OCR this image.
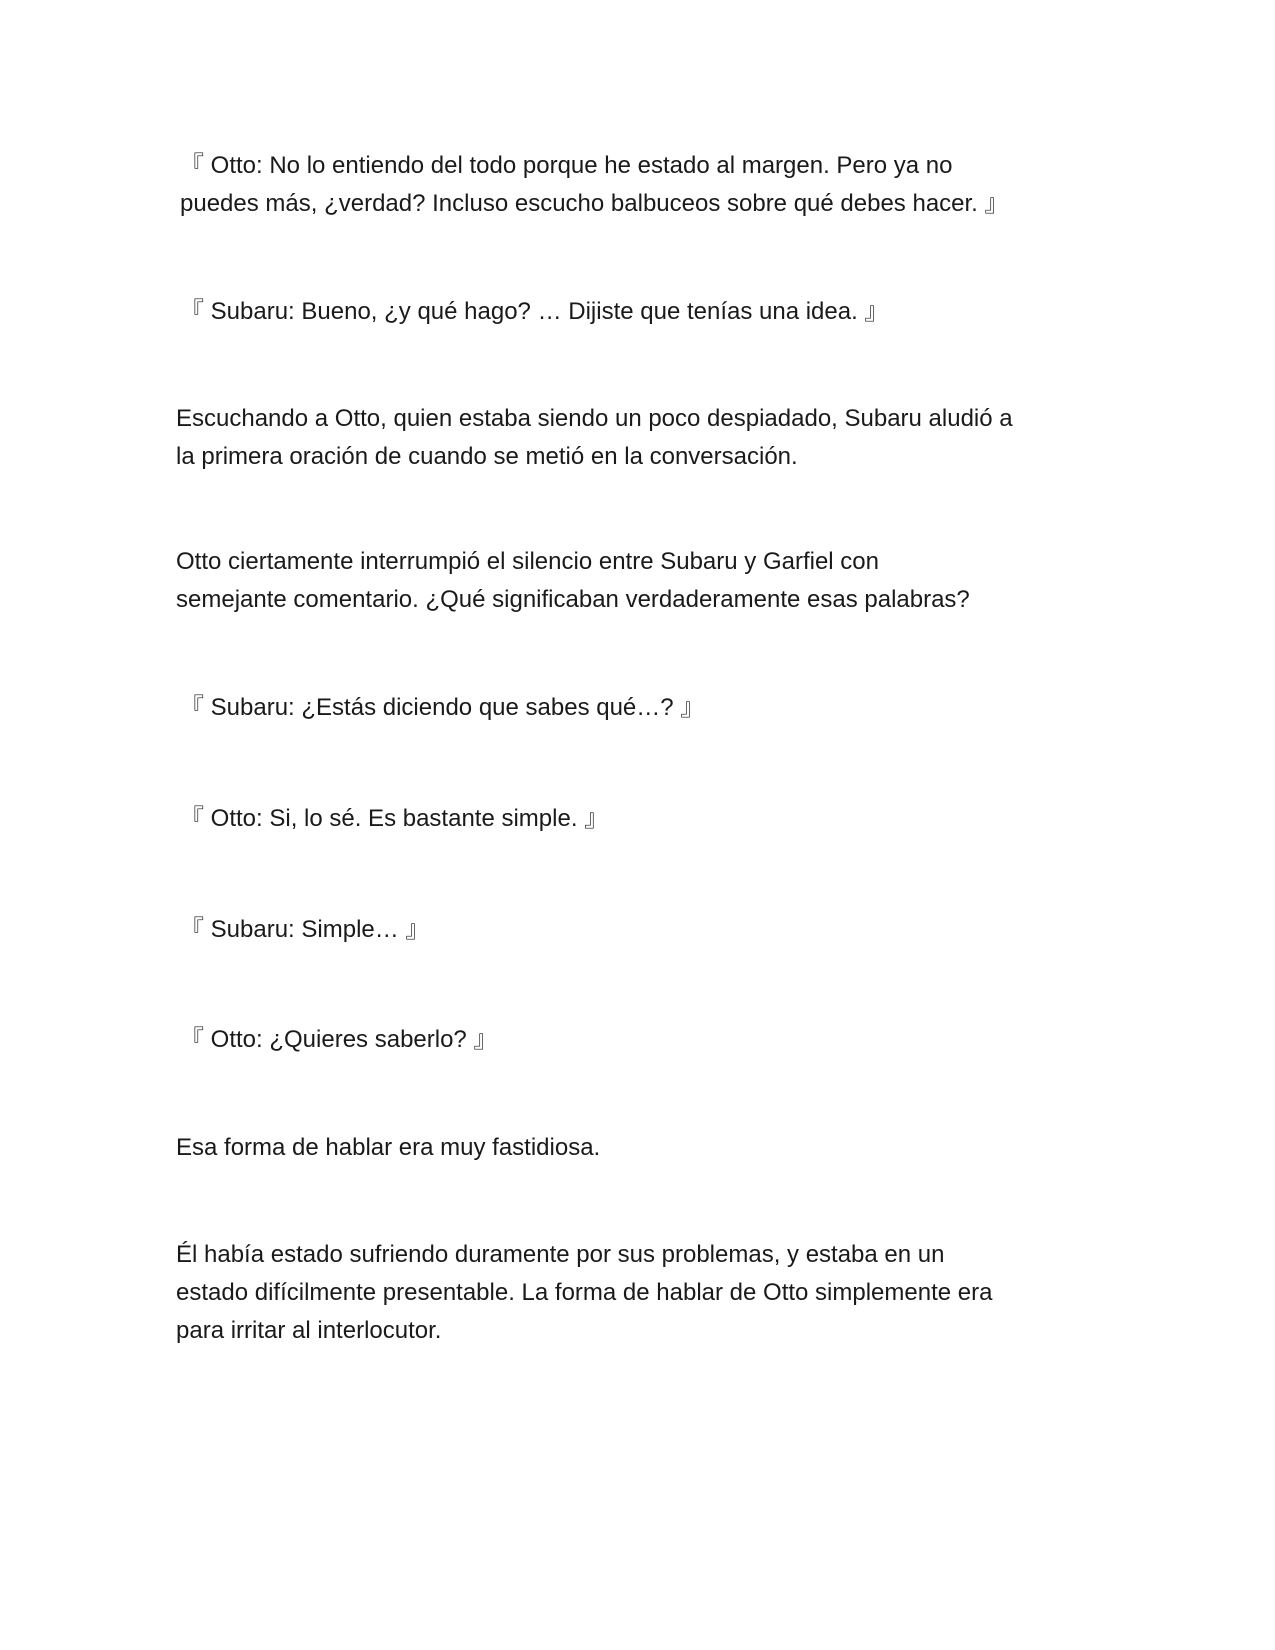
『 Otto: No lo entiendo del todo porque he estado al margen. Pero ya no
puedes más, ¿verdad? Incluso escucho balbuceos sobre qué debes hacer. 』

『 Subaru: Bueno, ¿y qué hago? … Dijiste que tenías una idea. 』

Escuchando a Otto, quien estaba siendo un poco despiadado, Subaru aludió a
la primera oración de cuando se metió en la conversación.

Otto ciertamente interrumpió el silencio entre Subaru y Garfiel con
semejante comentario. ¿Qué significaban verdaderamente esas palabras?

『 Subaru: ¿Estás diciendo que sabes qué…? 』

『 Otto: Si, lo sé. Es bastante simple. 』

『 Subaru: Simple… 』

『 Otto: ¿Quieres saberlo? 』

Esa forma de hablar era muy fastidiosa.

Él había estado sufriendo duramente por sus problemas, y estaba en un
estado difícilmente presentable. La forma de hablar de Otto simplemente era
para irritar al interlocutor.
